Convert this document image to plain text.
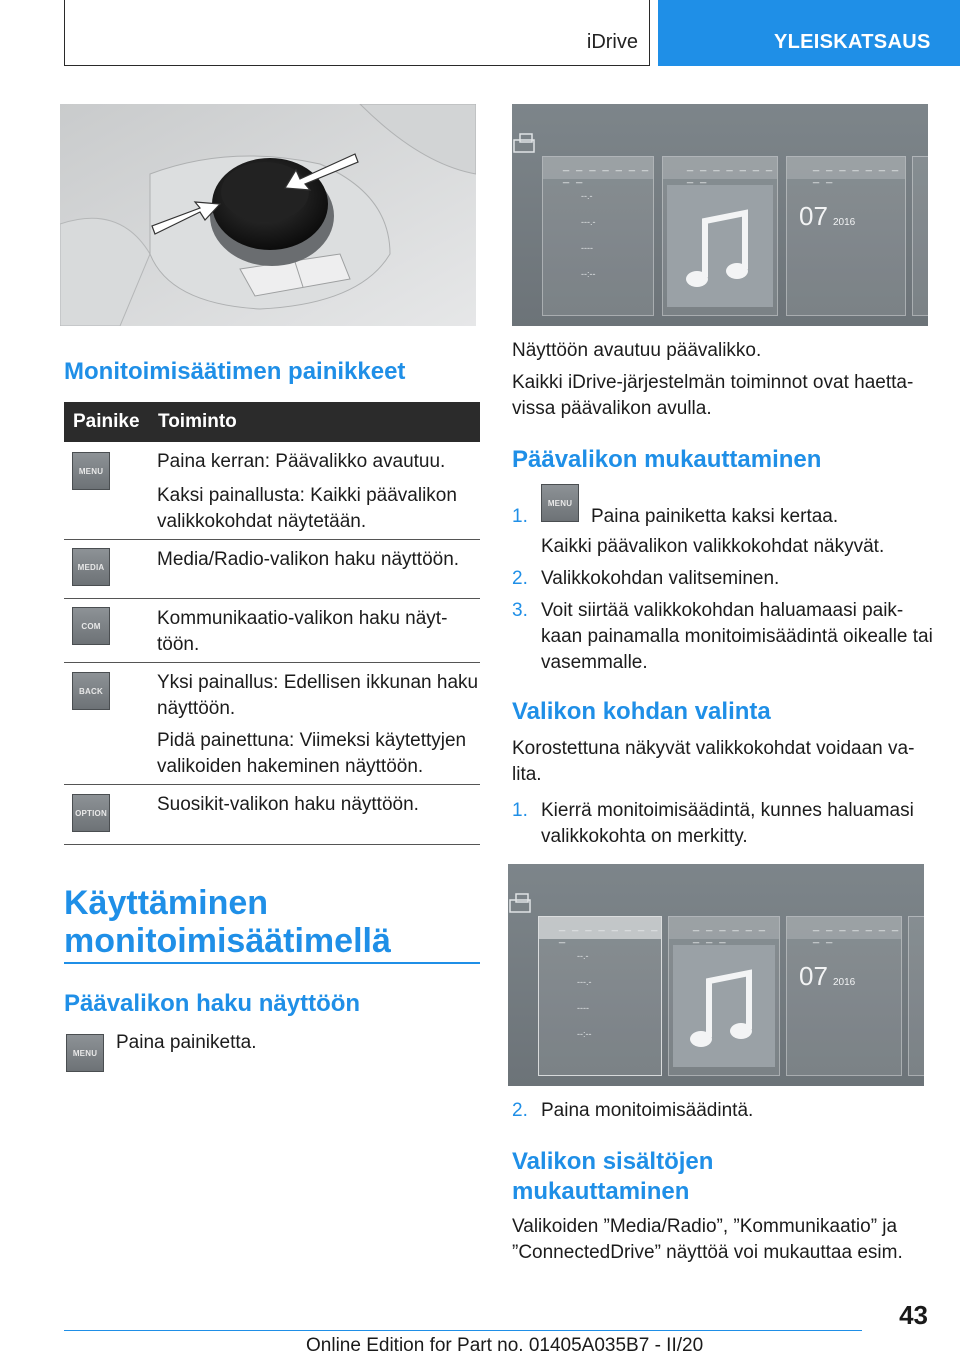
iDrive	YLEISKATSAUS
Monitoimisäätimen painikkeet
Painike Toiminto
MENU	Paina kerran: Päävalikko avautuu.
Kaksi painallusta: Kaikki päävalikon
valikkokohdat näytetään.
MEDIA	Media/Radio-valikon haku näyttöön.
COM	Kommunikaatio-valikon haku näyt-
töön.
BACK	Yksi painallus: Edellisen ikkunan haku
näyttöön.
Pidä painettuna: Viimeksi käytettyjen
valikoiden hakeminen näyttöön.
OPTION	Suosikit-valikon haku näyttöön.
Käyttäminen
monitoimisäätimellä
Päävalikon haku näyttöön
MENU
Paina painiketta.
_ _ _ _ _ _ _ _ _
--.-
---.-
----
--:--
_ _ _ _ _ _ _ _ _
_ _ _ _ _ _ _ _ _
07 2016
Näyttöön avautuu päävalikko.
Kaikki iDrive-järjestelmän toiminnot ovat haetta-
vissa päävalikon avulla.
Päävalikon mukauttaminen
1.
MENU
Paina painiketta kaksi kertaa.
Kaikki päävalikon valikkokohdat näkyvät.
2. Valikkokohdan valitseminen.
3. Voit siirtää valikkokohdan haluamaasi paik-
kaan painamalla monitoimisäädintä oikealle tai
vasemmalle.
Valikon kohdan valinta
Korostettuna näkyvät valikkokohdat voidaan va-
lita.
1. Kierrä monitoimisäädintä, kunnes haluamasi
valikkokohta on merkitty.
_ _ _ _ _ _ _ _ _
--.-
---.-
----
--:--
_ _ _ _ _ _ _ _ _
_ _ _ _ _ _ _ _ _
07 2016
2. Paina monitoimisäädintä.
Valikon sisältöjen
mukauttaminen
Valikoiden ”Media/Radio”, ”Kommunikaatio” ja
”ConnectedDrive” näyttöä voi mukauttaa esim.
43
Online Edition for Part no. 01405A035B7 - II/20
